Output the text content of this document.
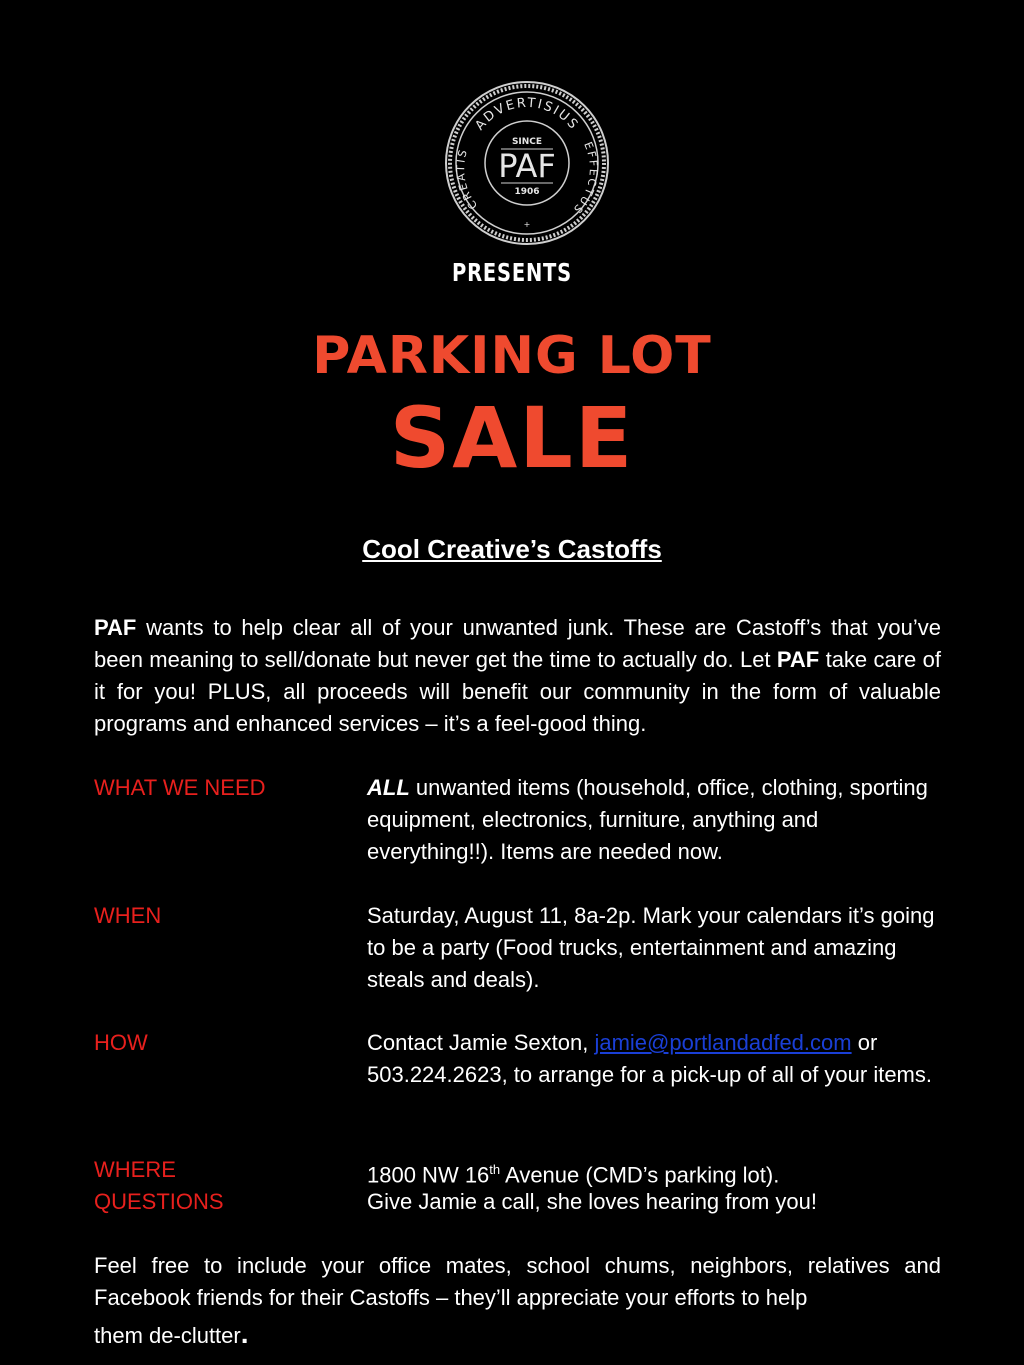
ADVERTISIUS
EFFECTUS
CREATIS
SINCE
PAF
1906
+
PRESENTS
PARKING LOT
SALE
Cool Creative’s Castoffs
PAF wants to help clear all of your unwanted junk. These are Castoff’s that you’ve been meaning to sell/donate but never get the time to actually do. Let PAF take care of it for you! PLUS, all proceeds will benefit our community in the form of valuable programs and enhanced services – it’s a feel-good thing.
WHAT WE NEED	ALL unwanted items (household, office, clothing, sporting equipment, electronics, furniture, anything and everything!!). Items are needed now.
WHEN	Saturday, August 11, 8a-2p. Mark your calendars it’s going to be a party (Food trucks, entertainment and amazing steals and deals).
HOW	Contact Jamie Sexton, jamie@portlandadfed.com or 503.224.2623, to arrange for a pick-up of all of your items.
WHERE	1800 NW 16th Avenue (CMD’s parking lot).
QUESTIONS	Give Jamie a call, she loves hearing from you!
Feel free to include your office mates, school chums, neighbors, relatives and Facebook friends for their Castoffs – they’ll appreciate your efforts to help
them de-clutter.
